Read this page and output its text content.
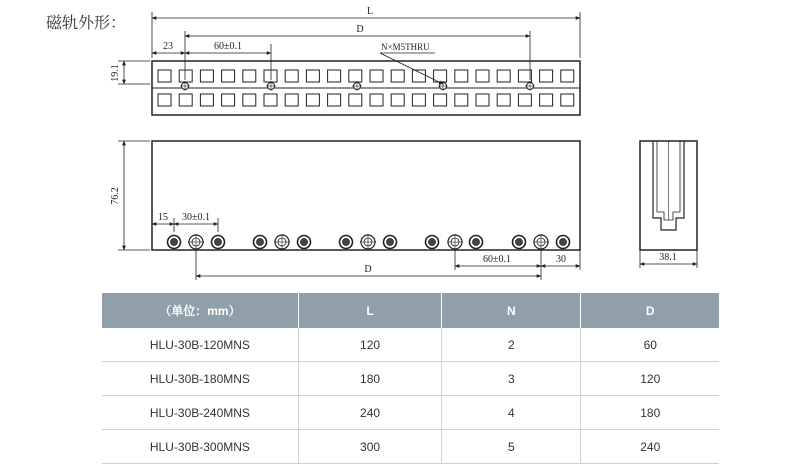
磁轨外形：
L
D
23	60±0.1	N×M5THRU
19.1
76.2
15 30±0.1
D
60±0.1	30	38.1
（单位：mm）	L	N	D
HLU-30B-120MNS	120	2	60
HLU-30B-180MNS	180	3	120
HLU-30B-240MNS	240	4	180
HLU-30B-300MNS	300	5	240
